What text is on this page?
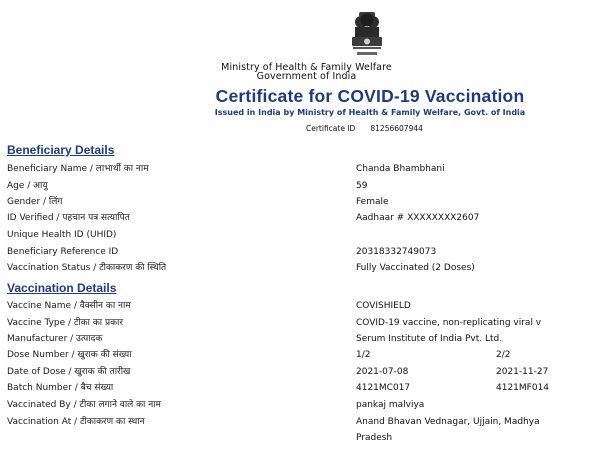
Ministry of Health & Family Welfare
Government of India
Certificate for COVID-19 Vaccination
Issued in India by Ministry of Health & Family Welfare, Govt. of India
Certificate ID 81256607944
Beneficiary Details
Beneficiary Name / लाभार्थी का नाम	Chanda Bhambhani
Age / आयु	59
Gender / लिंग	Female
ID Verified / पहचान पत्र सत्यापित	Aadhaar # XXXXXXXX2607
Unique Health ID (UHID)
Beneficiary Reference ID	20318332749073
Vaccination Status / टीकाकरण की स्थिति	Fully Vaccinated (2 Doses)
Vaccination Details
Vaccine Name / वैक्सीन का नाम	COVISHIELD
Vaccine Type / टीका का प्रकार	COVID-19 vaccine, non-replicating viral v
Manufacturer / उत्पादक	Serum Institute of India Pvt. Ltd.
Dose Number / खुराक की संख्या	1/2	2/2
Date of Dose / खुराक की तारीख	2021-07-08	2021-11-27
Batch Number / बैच संख्या	4121MC017	4121MF014
Vaccinated By / टीका लगाने वाले का नाम	pankaj malviya
Vaccination At / टीकाकरण का स्थान	Anand Bhavan Vednagar, Ujjain, Madhya
Pradesh
